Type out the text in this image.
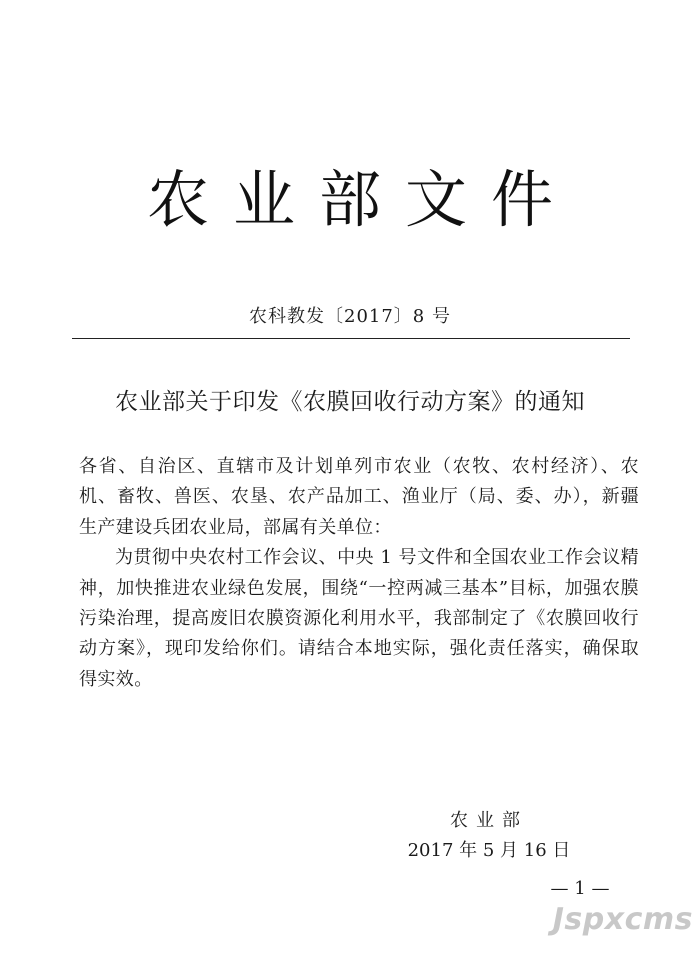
农业部文件
农科教发〔2017〕8 号
农业部关于印发《农膜回收行动方案》的通知

各省、自治区、直辖市及计划单列市农业（农牧、农村经济）、农机、畜牧、兽医、农垦、农产品加工、渔业厅（局、委、办），新疆生产建设兵团农业局，部属有关单位：

为贯彻中央农村工作会议、中央 1 号文件和全国农业工作会议精神，加快推进农业绿色发展，围绕“一控两减三基本”目标，加强农膜污染治理，提高废旧农膜资源化利用水平，我部制定了《农膜回收行动方案》，现印发给你们。请结合本地实际，强化责任落实，确保取得实效。

农业部
2017 年 5 月 16 日
— 1 —
Jspxcms
